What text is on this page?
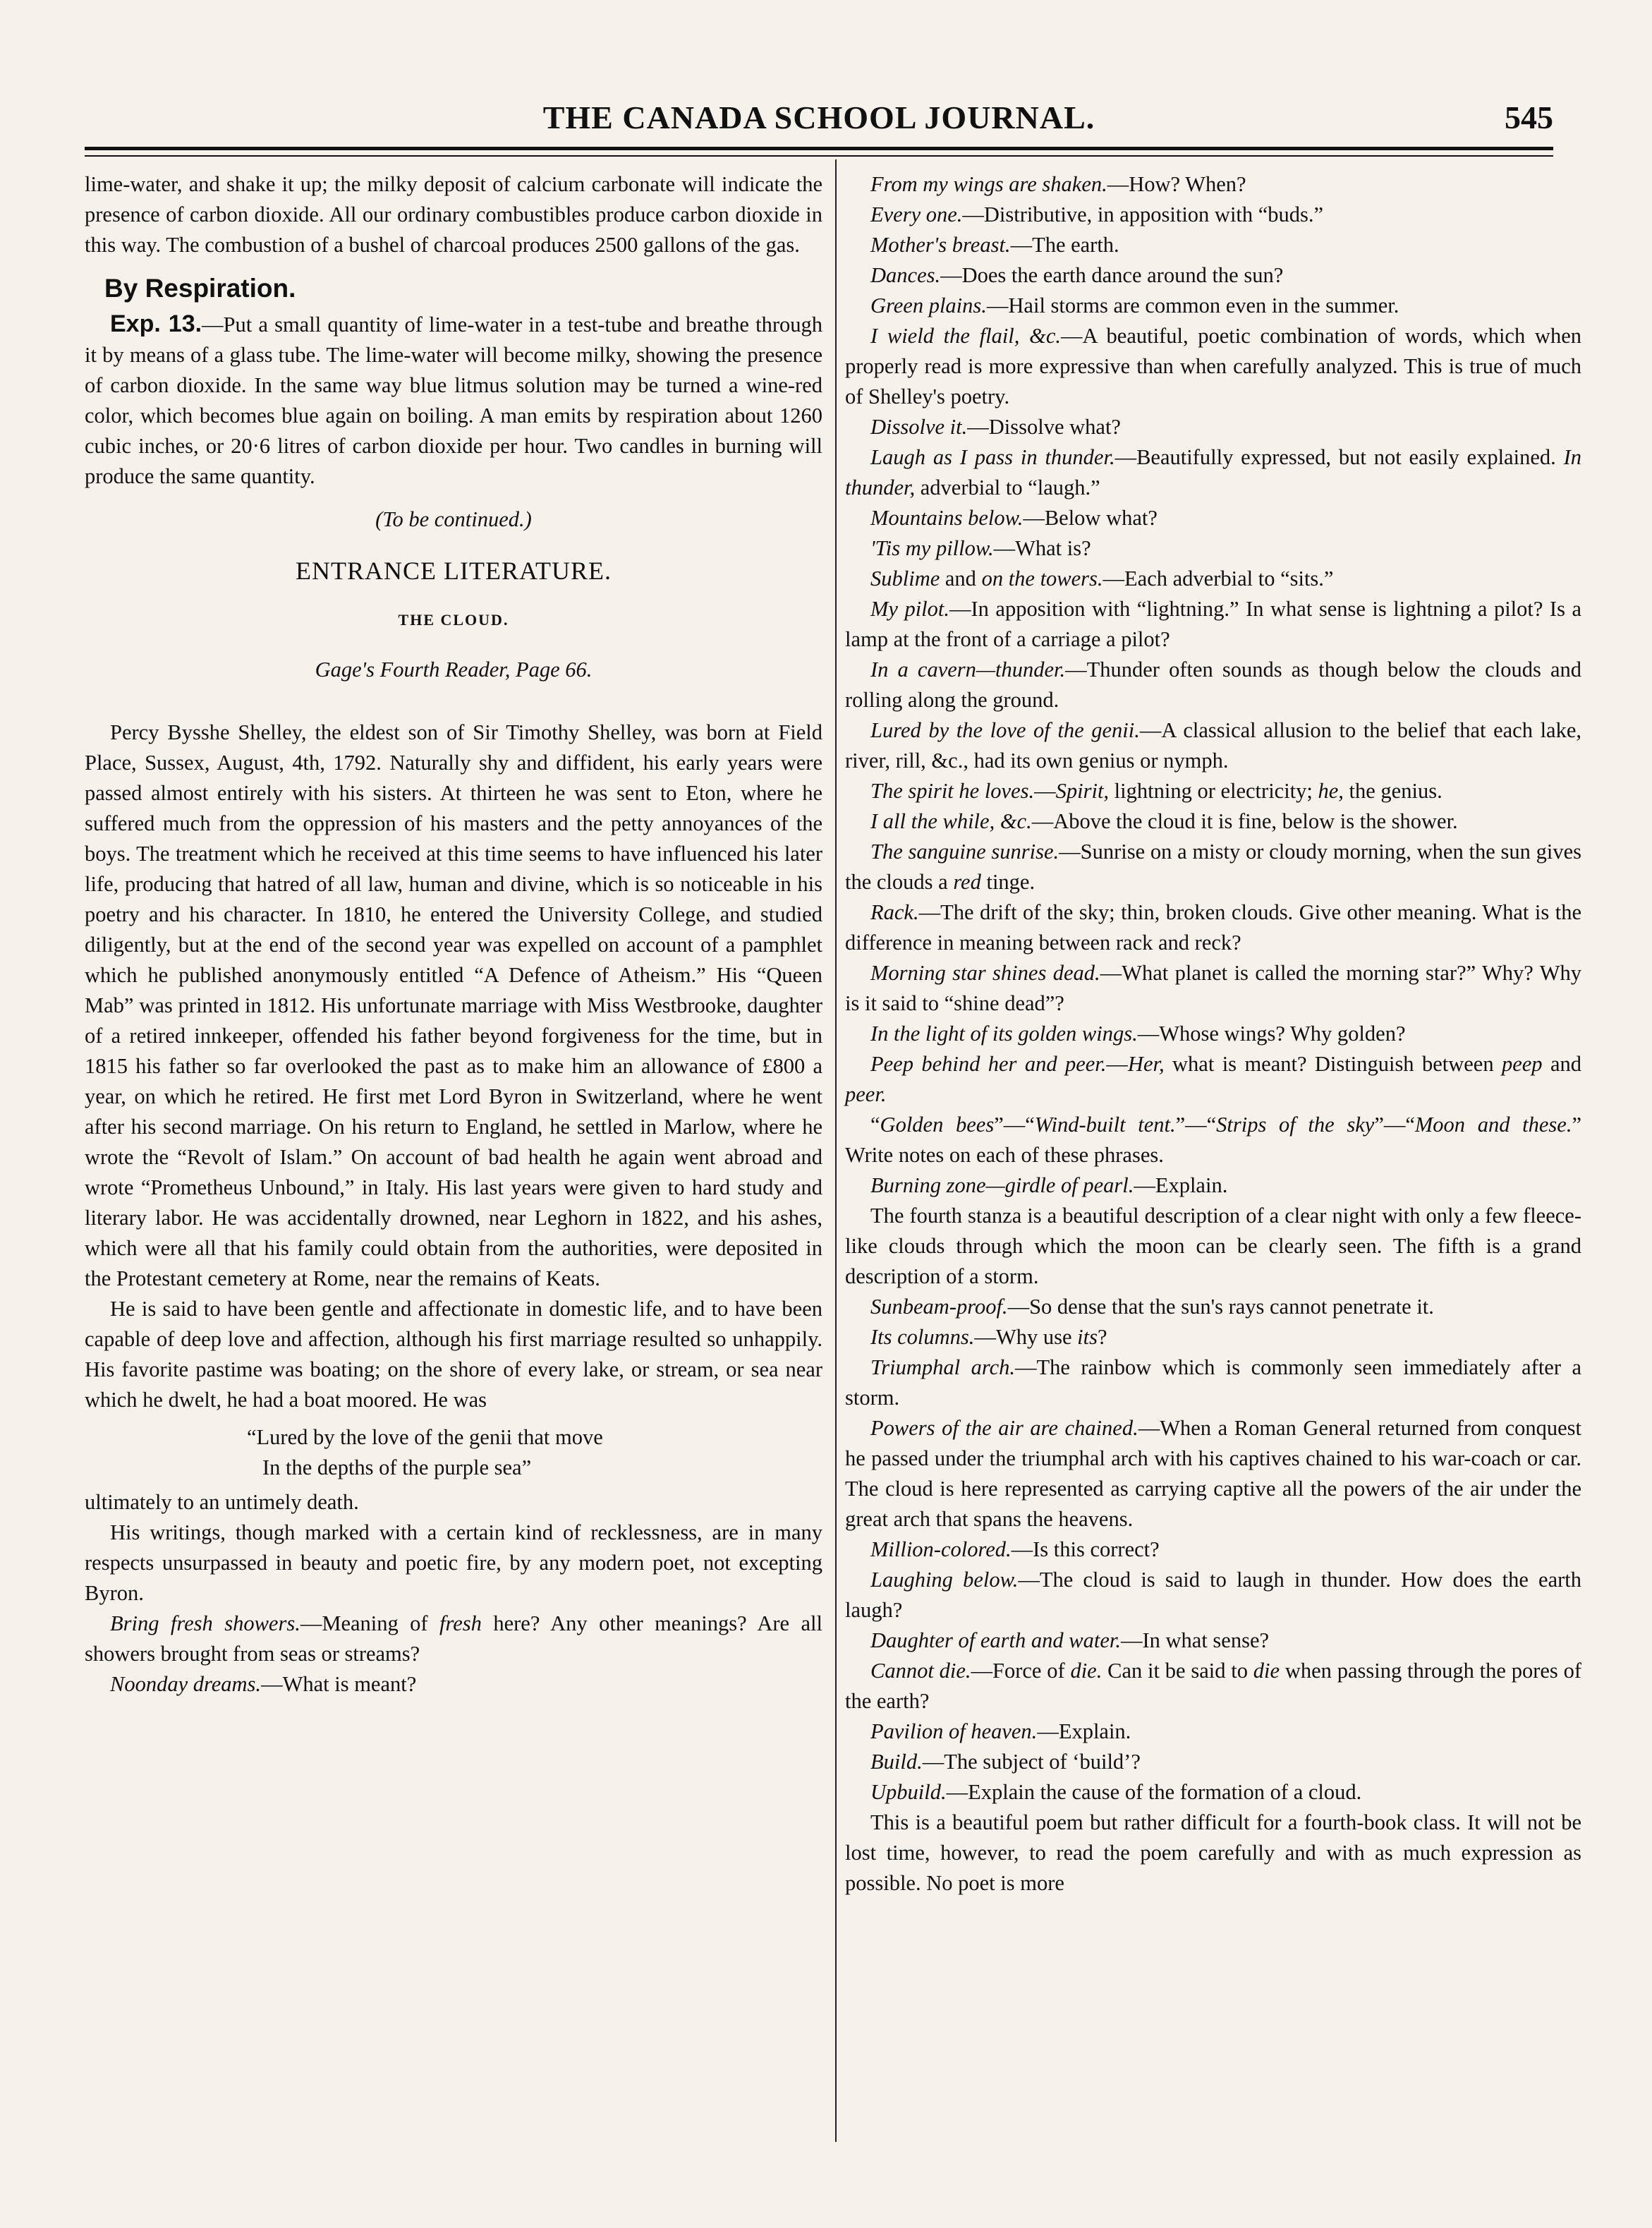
THE CANADA SCHOOL JOURNAL.	545

lime-water, and shake it up; the milky deposit of calcium carbonate will indicate the presence of carbon dioxide. All our ordinary combustibles produce carbon dioxide in this way. The combustion of a bushel of charcoal produces 2500 gallons of the gas.

By Respiration.

Exp. 13.—Put a small quantity of lime-water in a test-tube and breathe through it by means of a glass tube. The lime-water will become milky, showing the presence of carbon dioxide. In the same way blue litmus solution may be turned a wine-red color, which becomes blue again on boiling. A man emits by respiration about 1260 cubic inches, or 20·6 litres of carbon dioxide per hour. Two candles in burning will produce the same quantity.

(To be continued.)

ENTRANCE LITERATURE.

THE CLOUD.

Gage's Fourth Reader, Page 66.

Percy Bysshe Shelley, the eldest son of Sir Timothy Shelley, was born at Field Place, Sussex, August, 4th, 1792. Naturally shy and diffident, his early years were passed almost entirely with his sisters. At thirteen he was sent to Eton, where he suffered much from the oppression of his masters and the petty annoyances of the boys. The treatment which he received at this time seems to have influenced his later life, producing that hatred of all law, human and divine, which is so noticeable in his poetry and his character. In 1810, he entered the University College, and studied diligently, but at the end of the second year was expelled on account of a pamphlet which he published anonymously entitled “A Defence of Atheism.” His “Queen Mab” was printed in 1812. His unfortunate marriage with Miss Westbrooke, daughter of a retired innkeeper, offended his father beyond forgiveness for the time, but in 1815 his father so far overlooked the past as to make him an allowance of £800 a year, on which he retired. He first met Lord Byron in Switzerland, where he went after his second marriage. On his return to England, he settled in Marlow, where he wrote the “Revolt of Islam.” On account of bad health he again went abroad and wrote “Prometheus Unbound,” in Italy. His last years were given to hard study and literary labor. He was accidentally drowned, near Leghorn in 1822, and his ashes, which were all that his family could obtain from the authorities, were deposited in the Protestant cemetery at Rome, near the remains of Keats.

He is said to have been gentle and affectionate in domestic life, and to have been capable of deep love and affection, although his first marriage resulted so unhappily. His favorite pastime was boating; on the shore of every lake, or stream, or sea near which he dwelt, he had a boat moored. He was

“Lured by the love of the genii that move
In the depths of the purple sea”

ultimately to an untimely death.

His writings, though marked with a certain kind of recklessness, are in many respects unsurpassed in beauty and poetic fire, by any modern poet, not excepting Byron.

Bring fresh showers.—Meaning of fresh here? Any other meanings? Are all showers brought from seas or streams?

Noonday dreams.—What is meant?

From my wings are shaken.—How? When?

Every one.—Distributive, in apposition with “buds.”

Mother's breast.—The earth.

Dances.—Does the earth dance around the sun?

Green plains.—Hail storms are common even in the summer.

I wield the flail, &c.—A beautiful, poetic combination of words, which when properly read is more expressive than when carefully analyzed. This is true of much of Shelley's poetry.

Dissolve it.—Dissolve what?

Laugh as I pass in thunder.—Beautifully expressed, but not easily explained. In thunder, adverbial to “laugh.”

Mountains below.—Below what?

'Tis my pillow.—What is?

Sublime and on the towers.—Each adverbial to “sits.”

My pilot.—In apposition with “lightning.” In what sense is lightning a pilot? Is a lamp at the front of a carriage a pilot?

In a cavern—thunder.—Thunder often sounds as though below the clouds and rolling along the ground.

Lured by the love of the genii.—A classical allusion to the belief that each lake, river, rill, &c., had its own genius or nymph.

The spirit he loves.—Spirit, lightning or electricity; he, the genius.

I all the while, &c.—Above the cloud it is fine, below is the shower.

The sanguine sunrise.—Sunrise on a misty or cloudy morning, when the sun gives the clouds a red tinge.

Rack.—The drift of the sky; thin, broken clouds. Give other meaning. What is the difference in meaning between rack and reck?

Morning star shines dead.—What planet is called the morning star?” Why? Why is it said to “shine dead”?

In the light of its golden wings.—Whose wings? Why golden?

Peep behind her and peer.—Her, what is meant? Distinguish between peep and peer.

“Golden bees”—“Wind-built tent.”—“Strips of the sky”—“Moon and these.” Write notes on each of these phrases.

Burning zone—girdle of pearl.—Explain.

The fourth stanza is a beautiful description of a clear night with only a few fleece-like clouds through which the moon can be clearly seen. The fifth is a grand description of a storm.

Sunbeam-proof.—So dense that the sun's rays cannot penetrate it.

Its columns.—Why use its?

Triumphal arch.—The rainbow which is commonly seen immediately after a storm.

Powers of the air are chained.—When a Roman General returned from conquest he passed under the triumphal arch with his captives chained to his war-coach or car. The cloud is here represented as carrying captive all the powers of the air under the great arch that spans the heavens.

Million-colored.—Is this correct?

Laughing below.—The cloud is said to laugh in thunder. How does the earth laugh?

Daughter of earth and water.—In what sense?

Cannot die.—Force of die. Can it be said to die when passing through the pores of the earth?

Pavilion of heaven.—Explain.

Build.—The subject of ‘build’?

Upbuild.—Explain the cause of the formation of a cloud.

This is a beautiful poem but rather difficult for a fourth-book class. It will not be lost time, however, to read the poem carefully and with as much expression as possible. No poet is more
